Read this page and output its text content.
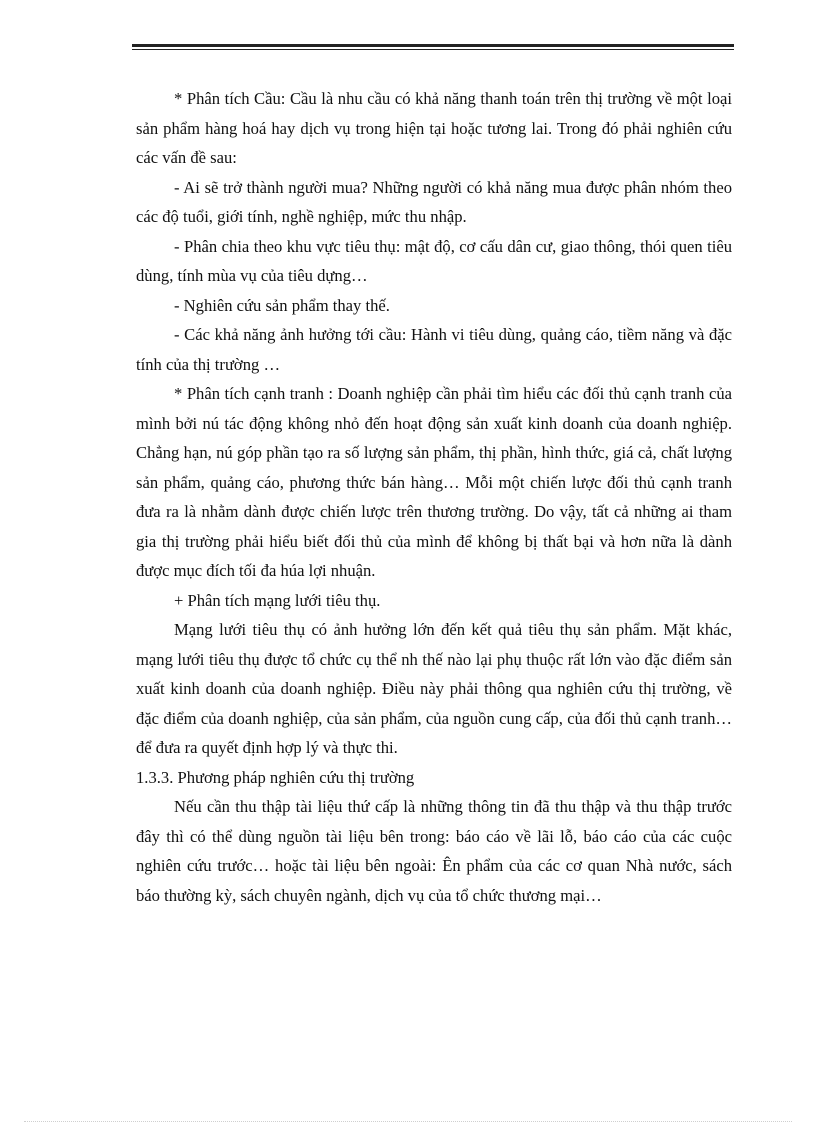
* Phân tích Cầu: Cầu là nhu cầu có khả năng thanh toán trên thị trường về một loại sản phẩm hàng hoá hay dịch vụ trong hiện tại hoặc tương lai. Trong đó phải nghiên cứu các vấn đề sau:

- Ai sẽ trở thành người mua? Những người có khả năng mua được phân nhóm theo các độ tuổi, giới tính, nghề nghiệp, mức thu nhập.

- Phân chia theo khu vực tiêu thụ: mật độ, cơ cấu dân cư, giao thông, thói quen tiêu dùng, tính mùa vụ của tiêu dựng…

- Nghiên cứu sản phẩm thay thế.

- Các khả năng ảnh hưởng tới cầu: Hành vi tiêu dùng, quảng cáo, tiềm năng và đặc tính của thị trường …

* Phân tích cạnh tranh : Doanh nghiệp cần phải tìm hiểu các đối thủ cạnh tranh của mình bởi nú tác động không nhỏ đến hoạt động sản xuất kinh doanh của doanh nghiệp. Chẳng hạn, nú góp phần tạo ra số lượng sản phẩm, thị phần, hình thức, giá cả, chất lượng sản phẩm, quảng cáo, phương thức bán hàng… Mỗi một chiến lược đối thủ cạnh tranh đưa ra là nhằm dành được chiến lược trên thương trường. Do vậy, tất cả những ai tham gia thị trường phải hiểu biết đối thủ của mình để không bị thất bại và hơn nữa là dành được mục đích tối đa húa lợi nhuận.

+ Phân tích mạng lưới tiêu thụ.

Mạng lưới tiêu thụ có ảnh hưởng lớn đến kết quả tiêu thụ sản phẩm. Mặt khác, mạng lưới tiêu thụ được tổ chức cụ thể nh thế nào lại phụ thuộc rất lớn vào đặc điểm sản xuất kinh doanh của doanh nghiệp. Điều này phải thông qua nghiên cứu thị trường, về đặc điểm của doanh nghiệp, của sản phẩm, của nguồn cung cấp, của đối thủ cạnh tranh… để đưa ra quyết định hợp lý và thực thi.

1.3.3. Phương pháp nghiên cứu thị trường

Nếu cần thu thập tài liệu thứ cấp là những thông tin đã thu thập và thu thập trước đây thì có thể dùng nguồn tài liệu bên trong: báo cáo về lãi lỗ, báo cáo của các cuộc nghiên cứu trước… hoặc tài liệu bên ngoài: Ên phẩm của các cơ quan Nhà nước, sách báo thường kỳ, sách chuyên ngành, dịch vụ của tổ chức thương mại…
